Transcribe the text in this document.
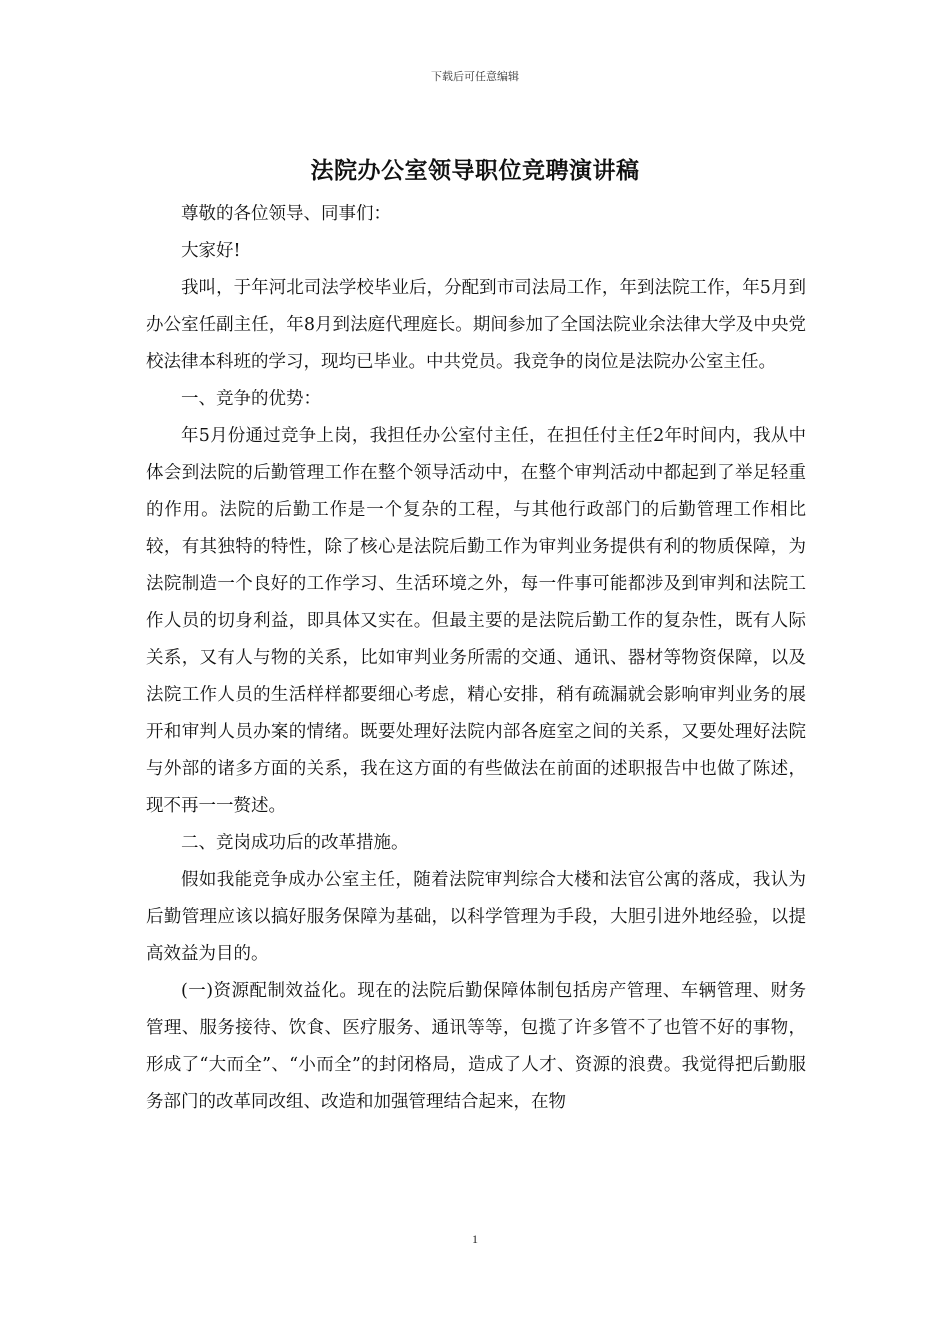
下载后可任意编辑
法院办公室领导职位竞聘演讲稿

尊敬的各位领导、同事们：

大家好!

我叫，于年河北司法学校毕业后，分配到市司法局工作，年到法院工作，年5月到办公室任副主任，年8月到法庭代理庭长。期间参加了全国法院业余法律大学及中央党校法律本科班的学习，现均已毕业。中共党员。我竞争的岗位是法院办公室主任。

一、竞争的优势：

年5月份通过竞争上岗，我担任办公室付主任，在担任付主任2年时间内，我从中体会到法院的后勤管理工作在整个领导活动中，在整个审判活动中都起到了举足轻重的作用。法院的后勤工作是一个复杂的工程，与其他行政部门的后勤管理工作相比较，有其独特的特性，除了核心是法院后勤工作为审判业务提供有利的物质保障，为法院制造一个良好的工作学习、生活环境之外，每一件事可能都涉及到审判和法院工作人员的切身利益，即具体又实在。但最主要的是法院后勤工作的复杂性，既有人际关系，又有人与物的关系，比如审判业务所需的交通、通讯、器材等物资保障，以及法院工作人员的生活样样都要细心考虑，精心安排，稍有疏漏就会影响审判业务的展开和审判人员办案的情绪。既要处理好法院内部各庭室之间的关系，又要处理好法院与外部的诸多方面的关系，我在这方面的有些做法在前面的述职报告中也做了陈述，现不再一一赘述。

二、竞岗成功后的改革措施。

假如我能竞争成办公室主任，随着法院审判综合大楼和法官公寓的落成，我认为后勤管理应该以搞好服务保障为基础，以科学管理为手段，大胆引进外地经验，以提高效益为目的。

(一)资源配制效益化。现在的法院后勤保障体制包括房产管理、车辆管理、财务管理、服务接待、饮食、医疗服务、通讯等等，包揽了许多管不了也管不好的事物，形成了“大而全”、“小而全”的封闭格局，造成了人才、资源的浪费。我觉得把后勤服务部门的改革同改组、改造和加强管理结合起来，在物

1
